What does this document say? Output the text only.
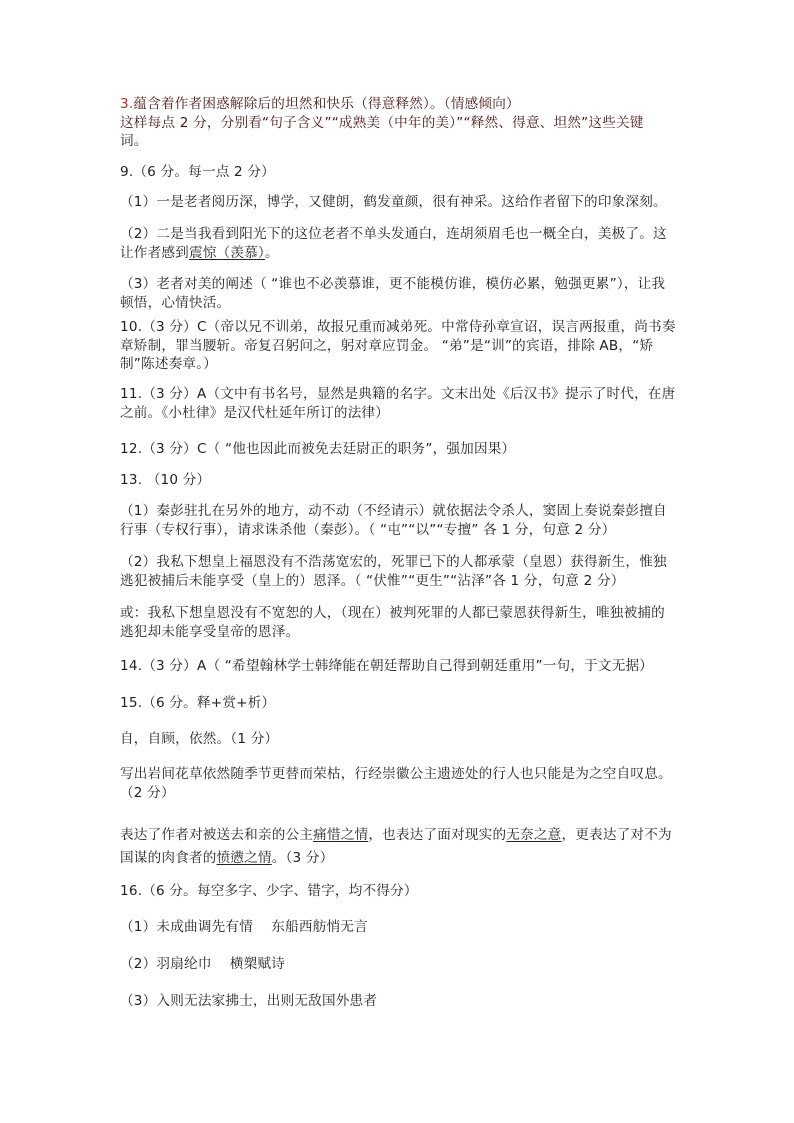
3.蕴含着作者困惑解除后的坦然和快乐（得意释然）。（情感倾向）
这样每点 2 分，分别看“句子含义”“成熟美（中年的美）”“释然、得意、坦然”这些关键
词。
9.（6 分。每一点 2 分）
（1）一是老者阅历深，博学，又健朗，鹤发童颜，很有神采。这给作者留下的印象深刻。
（2）二是当我看到阳光下的这位老者不单头发通白，连胡须眉毛也一概全白，美极了。这
让作者感到震惊（羡慕）。
（3）老者对美的阐述（ “谁也不必羡慕谁，更不能模仿谁，模仿必累，勉强更累”），让我
顿悟，心情快活。
10.（3 分）C（帝以兄不训弟，故报兄重而减弟死。中常侍孙章宣诏，误言两报重，尚书奏
章矫制，罪当腰斩。帝复召躬问之，躬对章应罚金。 “弟”是“训”的宾语，排除 AB，“矫
制”陈述奏章。）
11.（3 分）A（文中有书名号，显然是典籍的名字。文末出处《后汉书》提示了时代，在唐
之前。《小杜律》是汉代杜延年所订的法律）
12.（3 分）C（ “他也因此而被免去廷尉正的职务”，强加因果）
13. （10 分）
（1）秦彭驻扎在另外的地方，动不动（不经请示）就依据法令杀人，窦固上奏说秦彭擅自
行事（专权行事），请求诛杀他（秦彭）。（ “屯”“以”“专擅” 各 1 分，句意 2 分）
（2）我私下想皇上福恩没有不浩荡宽宏的，死罪已下的人都承蒙（皇恩）获得新生，惟独
逃犯被捕后未能享受（皇上的）恩泽。（ “伏惟”“更生”“沾泽”各 1 分，句意 2 分）
或：我私下想皇恩没有不宽恕的人，（现在）被判死罪的人都已蒙恩获得新生，唯独被捕的
逃犯却未能享受皇帝的恩泽。
14.（3 分）A（ “希望翰林学士韩绛能在朝廷帮助自己得到朝廷重用”一句，于文无据）
15.（6 分。释+赏+析）
自，自顾，依然。（1 分）
写出岩间花草依然随季节更替而荣枯，行经崇徽公主遗迹处的行人也只能是为之空自叹息。
（2 分）
表达了作者对被送去和亲的公主痛惜之情，也表达了面对现实的无奈之意，更表达了对不为
国谋的肉食者的愤懑之情。（3 分）
16.（6 分。每空多字、少字、错字，均不得分）
（1）未成曲调先有情　 东船西舫悄无言
（2）羽扇纶巾　 横槊赋诗
（3）入则无法家拂士，出则无敌国外患者
